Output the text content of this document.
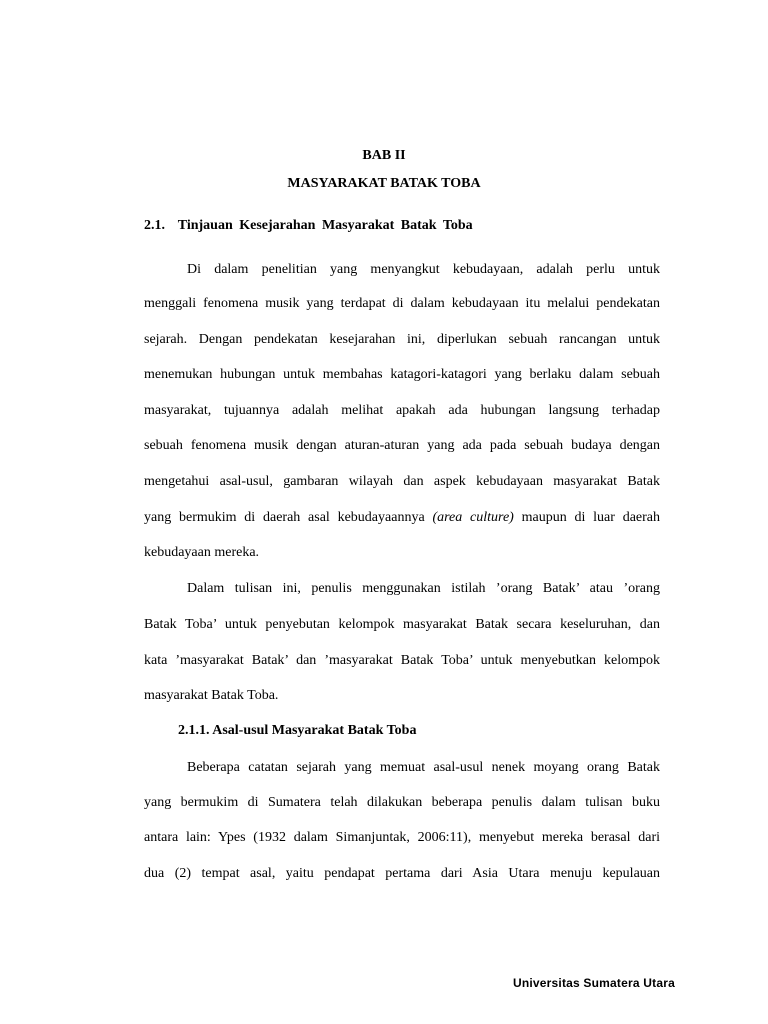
BAB II
MASYARAKAT BATAK TOBA
2.1. Tinjauan Kesejarahan Masyarakat Batak Toba
Di dalam penelitian yang menyangkut kebudayaan, adalah perlu untuk
menggali fenomena musik yang terdapat di dalam kebudayaan itu melalui pendekatan
sejarah. Dengan pendekatan kesejarahan ini, diperlukan sebuah rancangan untuk
menemukan hubungan untuk membahas katagori-katagori yang berlaku dalam sebuah
masyarakat, tujuannya adalah melihat apakah ada hubungan langsung terhadap
sebuah fenomena musik dengan aturan-aturan yang ada pada sebuah budaya dengan
mengetahui asal-usul, gambaran wilayah dan aspek kebudayaan masyarakat Batak
yang bermukim di daerah asal kebudayaannya (area culture) maupun di luar daerah
kebudayaan mereka.
Dalam tulisan ini, penulis menggunakan istilah ’orang Batak’ atau ’orang
Batak Toba’ untuk penyebutan kelompok masyarakat Batak secara keseluruhan, dan
kata ’masyarakat Batak’ dan ’masyarakat Batak Toba’ untuk menyebutkan kelompok
masyarakat Batak Toba.
2.1.1. Asal-usul Masyarakat Batak Toba
Beberapa catatan sejarah yang memuat asal-usul nenek moyang orang Batak
yang bermukim di Sumatera telah dilakukan beberapa penulis dalam tulisan buku
antara lain: Ypes (1932 dalam Simanjuntak, 2006:11), menyebut mereka berasal dari
dua (2) tempat asal, yaitu pendapat pertama dari Asia Utara menuju kepulauan
Universitas Sumatera Utara
